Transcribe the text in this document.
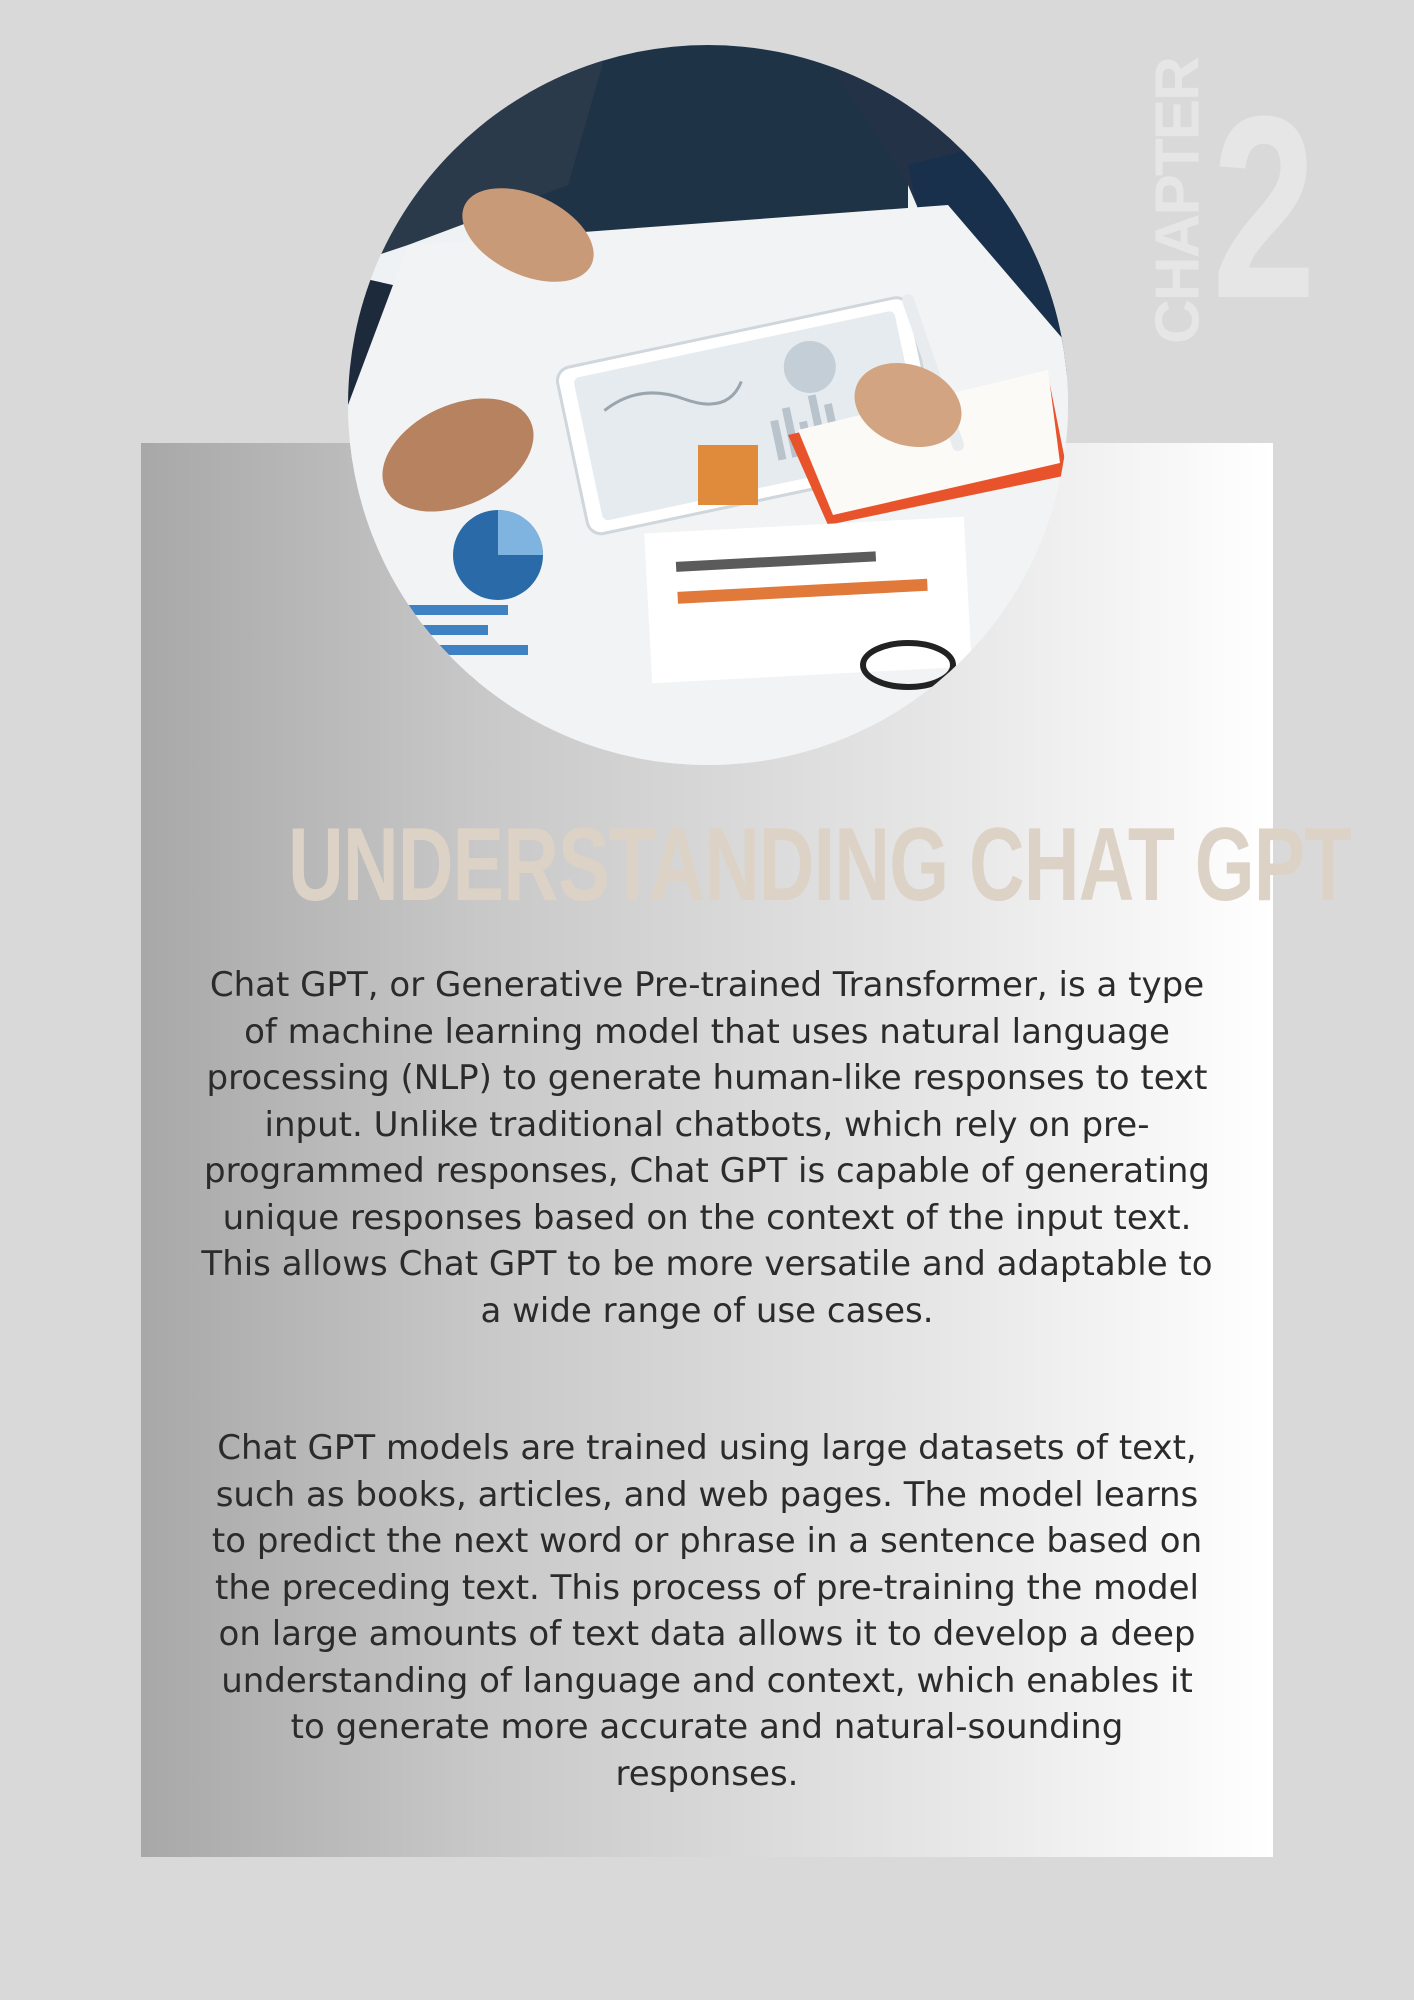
CHAPTER 2
UNDERSTANDING CHAT GPT

Chat GPT, or Generative Pre-trained Transformer, is a type of machine learning model that uses natural language processing (NLP) to generate human-like responses to text input. Unlike traditional chatbots, which rely on pre-programmed responses, Chat GPT is capable of generating unique responses based on the context of the input text. This allows Chat GPT to be more versatile and adaptable to a wide range of use cases.

Chat GPT models are trained using large datasets of text, such as books, articles, and web pages. The model learns to predict the next word or phrase in a sentence based on the preceding text. This process of pre-training the model on large amounts of text data allows it to develop a deep understanding of language and context, which enables it to generate more accurate and natural-sounding responses.
